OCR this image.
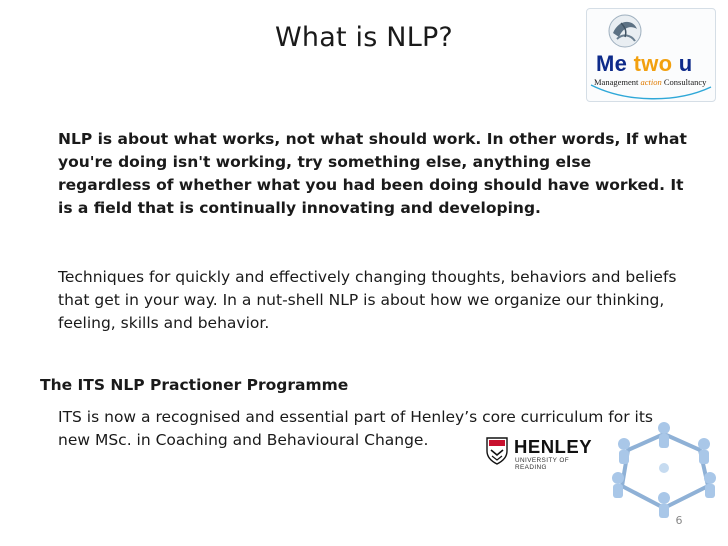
What is NLP?
Me two u
Management action Consultancy
NLP is about what works, not what should work. In other words, If what you're doing isn't working, try something else, anything else regardless of whether what you had been doing should have worked. It is a field that is continually innovating and developing.
Techniques for quickly and effectively changing thoughts, behaviors and beliefs that get in your way. In a nut-shell NLP is about how we organize our thinking, feeling, skills and behavior.
The ITS NLP Practioner Programme
ITS is now a recognised and essential part of Henley’s core curriculum for its new MSc. in Coaching and Behavioural Change.	HENLEY
UNIVERSITY OF READING
6
